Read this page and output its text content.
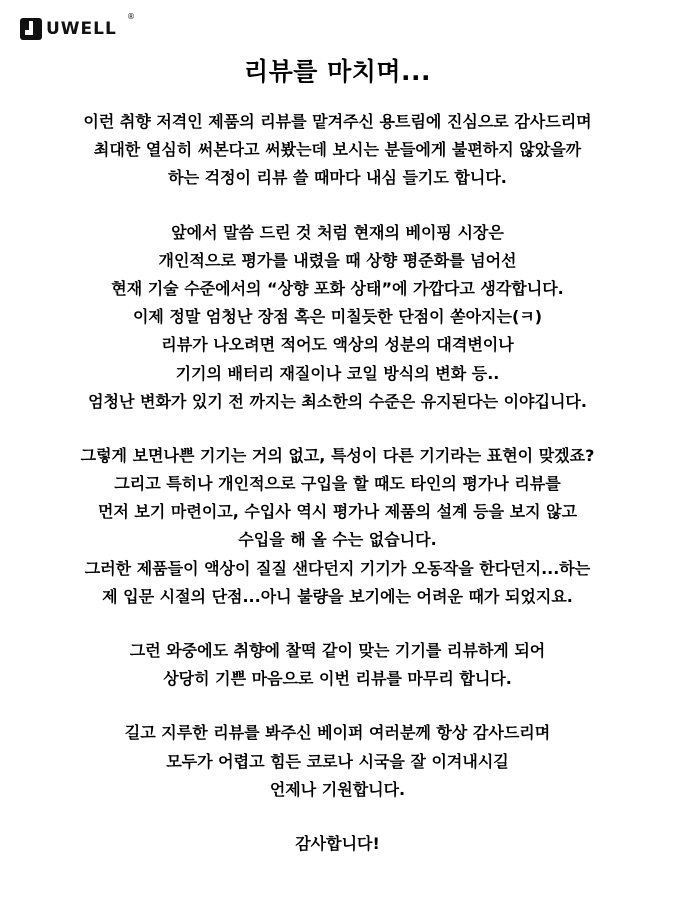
UWELL
®
리뷰를 마치며...
이런 취향 저격인 제품의 리뷰를 맡겨주신 용트림에 진심으로 감사드리며
최대한 열심히 써본다고 써봤는데 보시는 분들에게 불편하지 않았을까
하는 걱정이 리뷰 쓸 때마다 내심 들기도 합니다.
앞에서 말씀 드린 것 처럼 현재의 베이핑 시장은
개인적으로 평가를 내렸을 때 상향 평준화를 넘어선
현재 기술 수준에서의 “상향 포화 상태”에 가깝다고 생각합니다.
이제 정말 엄청난 장점 혹은 미칠듯한 단점이 쏟아지는(ㅋ)
리뷰가 나오려면 적어도 액상의 성분의 대격변이나
기기의 배터리 재질이나 코일 방식의 변화 등..
엄청난 변화가 있기 전 까지는 최소한의 수준은 유지된다는 이야깁니다.
그렇게 보면나쁜 기기는 거의 없고, 특성이 다른 기기라는 표현이 맞겠죠?
그리고 특히나 개인적으로 구입을 할 때도 타인의 평가나 리뷰를
먼저 보기 마련이고, 수입사 역시 평가나 제품의 설계 등을 보지 않고
수입을 해 올 수는 없습니다.
그러한 제품들이 액상이 질질 샌다던지 기기가 오동작을 한다던지...하는
제 입문 시절의 단점...아니 불량을 보기에는 어려운 때가 되었지요.
그런 와중에도 취향에 찰떡 같이 맞는 기기를 리뷰하게 되어
상당히 기쁜 마음으로 이번 리뷰를 마무리 합니다.
길고 지루한 리뷰를 봐주신 베이퍼 여러분께 항상 감사드리며
모두가 어렵고 힘든 코로나 시국을 잘 이겨내시길
언제나 기원합니다.
감사합니다!
